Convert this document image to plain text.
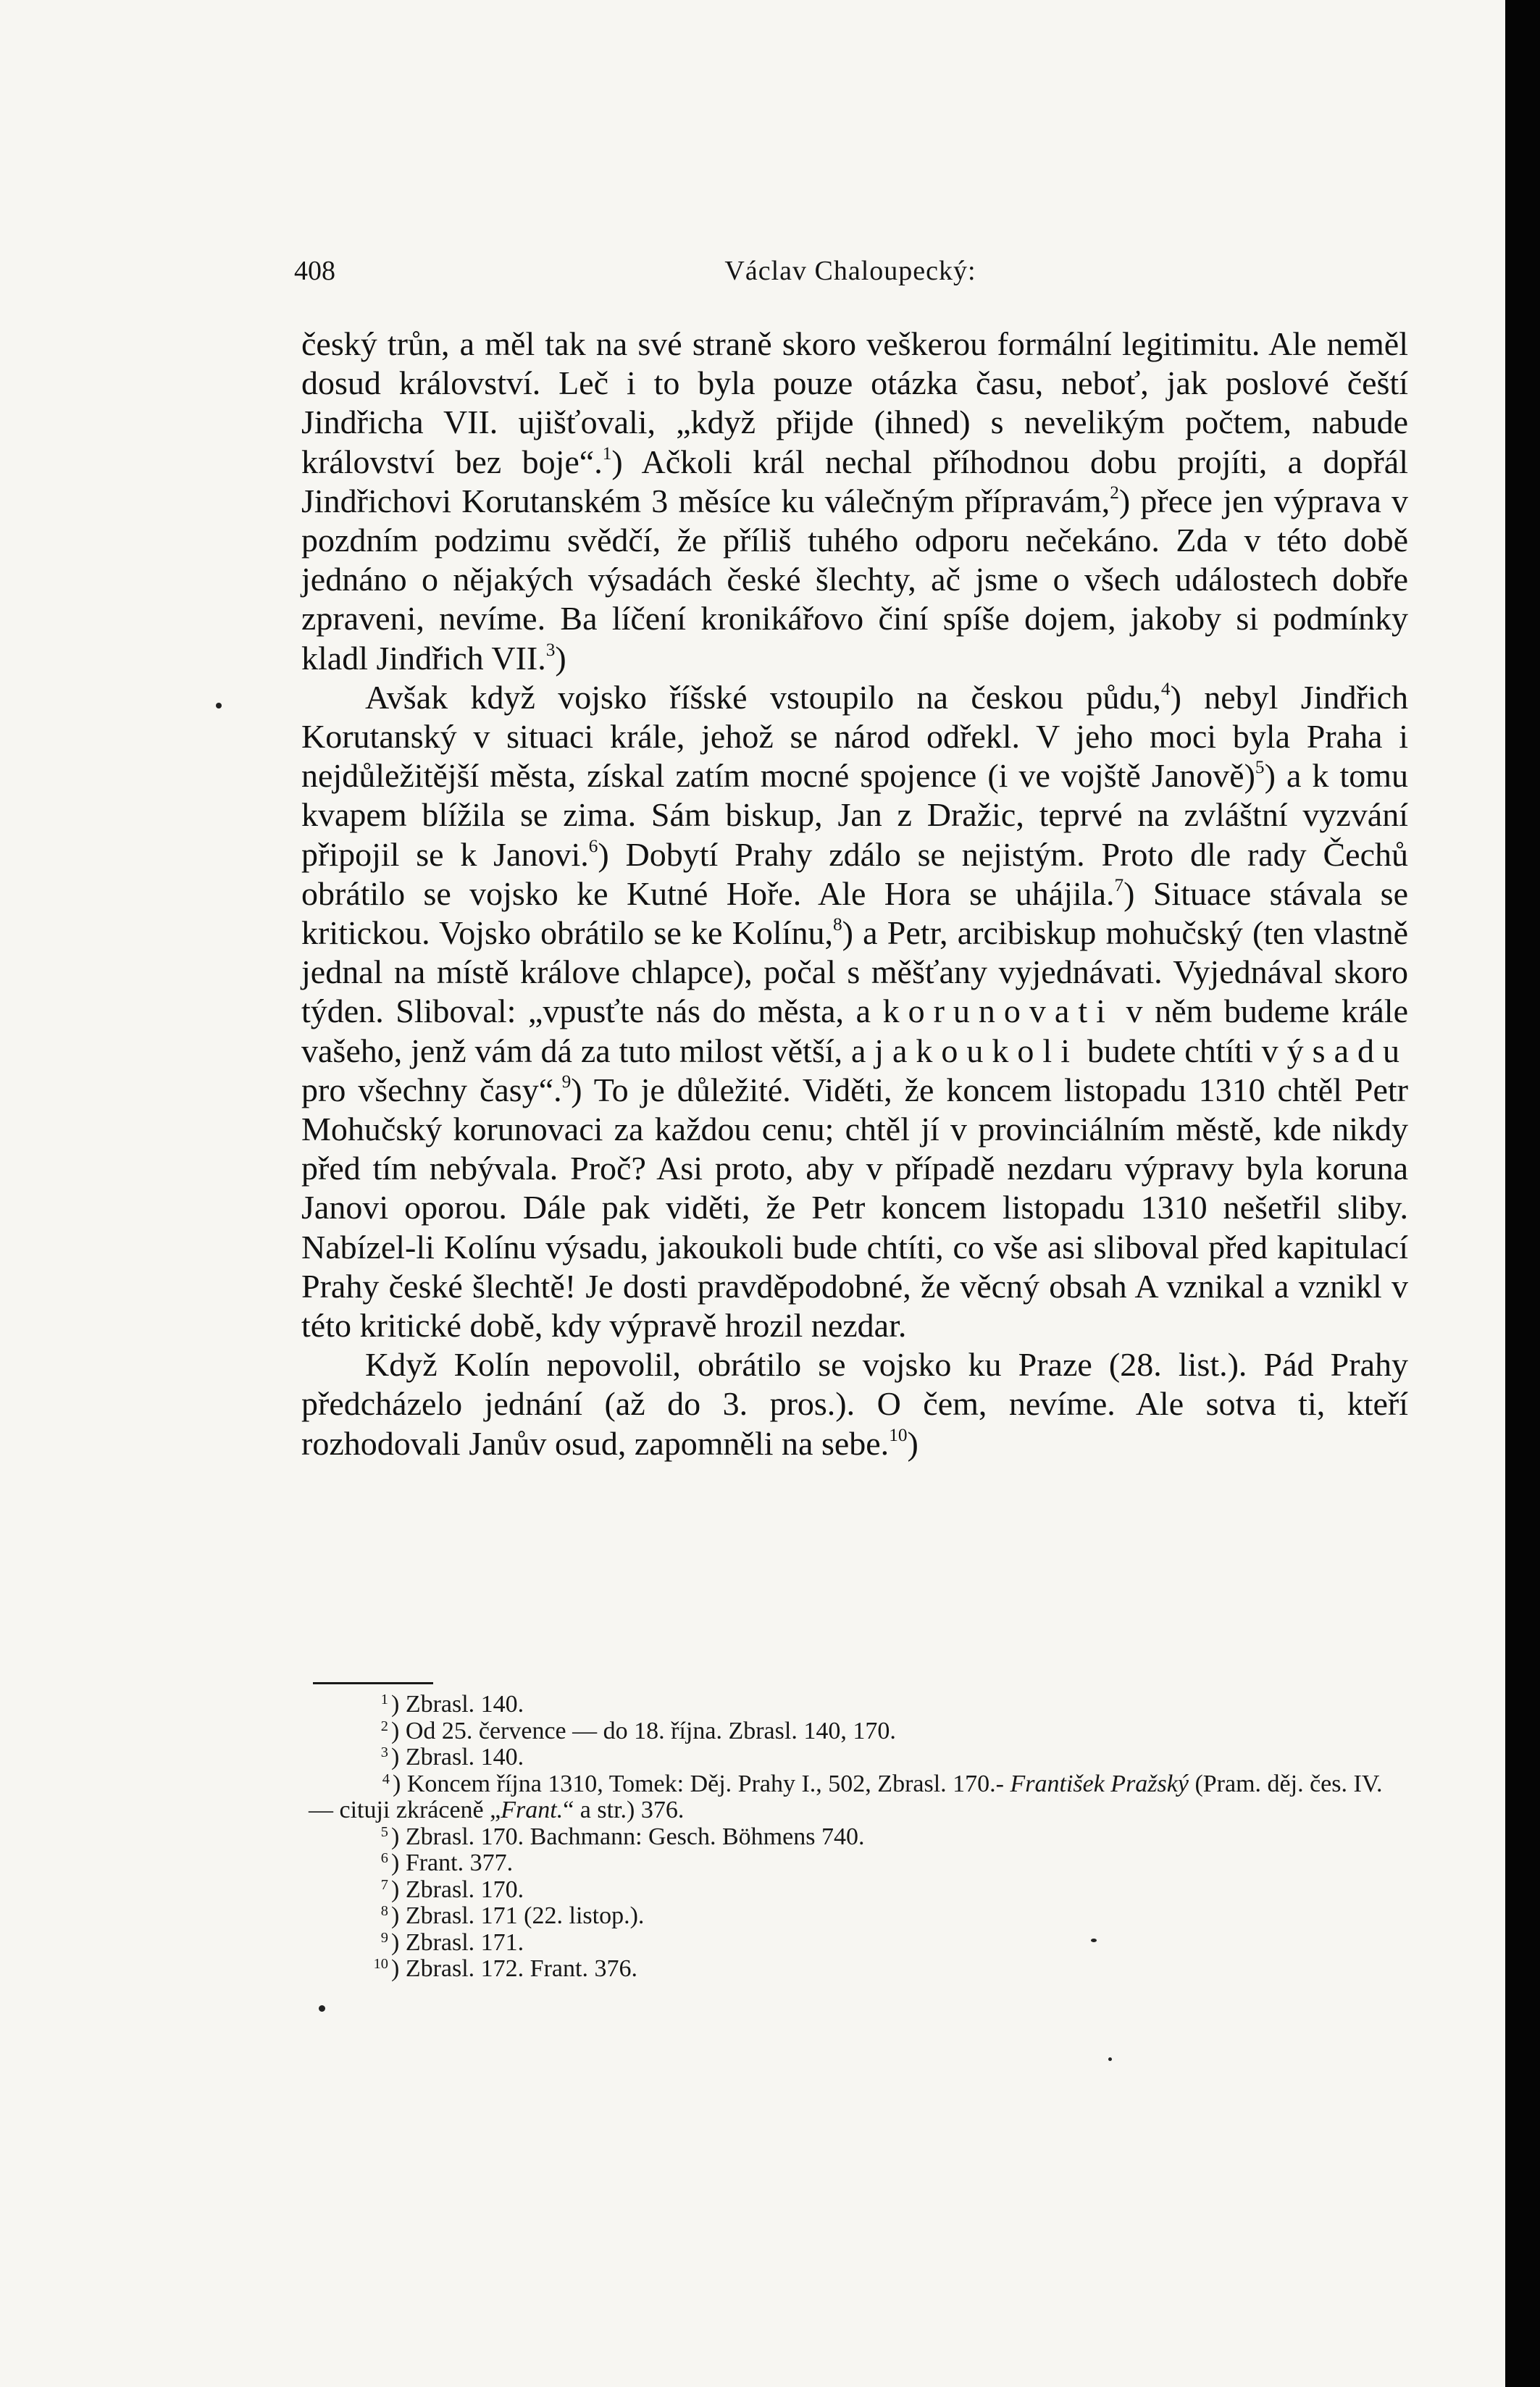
408	Václav Chaloupecký:

český trůn, a měl tak na své straně skoro veškerou formální legitimitu. Ale neměl dosud království. Leč i to byla pouze otázka času, neboť, jak poslové čeští Jindřicha VII. ujišťovali, „když přijde (ihned) s nevelikým počtem, nabude království bez boje“.$^1$) Ačkoli král nechal příhodnou dobu projíti, a dopřál Jindřichovi Korutanském 3 měsíce ku válečným přípravám,$^2$) přece jen výprava v pozdním podzimu svědčí, že příliš tuhého odporu nečekáno. Zda v této době jednáno o nějakých výsadách české šlechty, ač jsme o všech událostech dobře zpraveni, nevíme. Ba líčení kronikářovo činí spíše dojem, jakoby si podmínky kladl Jindřich VII.$^3$)

Avšak když vojsko říšské vstoupilo na českou půdu,$^4$) nebyl Jindřich Korutanský v situaci krále, jehož se národ odřekl. V jeho moci byla Praha i nejdůležitější města, získal zatím mocné spojence (i ve vojště Janově)$^5$) a k tomu kvapem blížila se zima. Sám biskup, Jan z Dražic, teprvé na zvláštní vyzvání připojil se k Janovi.$^6$) Dobytí Prahy zdálo se nejistým. Proto dle rady Čechů obrátilo se vojsko ke Kutné Hoře. Ale Hora se uhájila.$^7$) Situace stávala se kritickou. Vojsko obrátilo se ke Kolínu,$^8$) a Petr, arcibiskup mohučský (ten vlastně jednal na místě králove chlapce), počal s měšťany vyjednávati. Vyjednával skoro týden. Sliboval: „vpusťte nás do města, a korunovati v něm budeme krále vašeho, jenž vám dá za tuto milost větší, a jakoukoli budete chtíti výsadu pro všechny časy“.$^9$) To je důležité. Viděti, že koncem listopadu 1310 chtěl Petr Mohučský korunovaci za každou cenu; chtěl jí v provinciálním městě, kde nikdy před tím nebývala. Proč? Asi proto, aby v případě nezdaru výpravy byla koruna Janovi oporou. Dále pak viděti, že Petr koncem listopadu 1310 nešetřil sliby. Nabízel-li Kolínu výsadu, jakoukoli bude chtíti, co vše asi sliboval před kapitulací Prahy české šlechtě! Je dosti pravděpodobné, že věcný obsah A vznikal a vznikl v této kritické době, kdy výpravě hrozil nezdar.

Když Kolín nepovolil, obrátilo se vojsko ku Praze (28. list.). Pád Prahy předcházelo jednání (až do 3. pros.). O čem, nevíme. Ale sotva ti, kteří rozhodovali Janův osud, zapomněli na sebe.$^{10}$)

$^1$ ) Zbrasl. 140.
$^2$ ) Od 25. července — do 18. října. Zbrasl. 140, 170.
$^3$ ) Zbrasl. 140.
$^4$ ) Koncem října 1310, Tomek: Děj. Prahy I., 502, Zbrasl. 170.- František Pražský (Pram. děj. čes. IV. — cituji zkráceně „Frant.“ a str.) 376.
$^5$ ) Zbrasl. 170. Bachmann: Gesch. Böhmens 740.
$^6$ ) Frant. 377.
$^7$ ) Zbrasl. 170.
$^8$ ) Zbrasl. 171 (22. listop.).
$^9$ ) Zbrasl. 171.
$^{10}$ ) Zbrasl. 172. Frant. 376.
